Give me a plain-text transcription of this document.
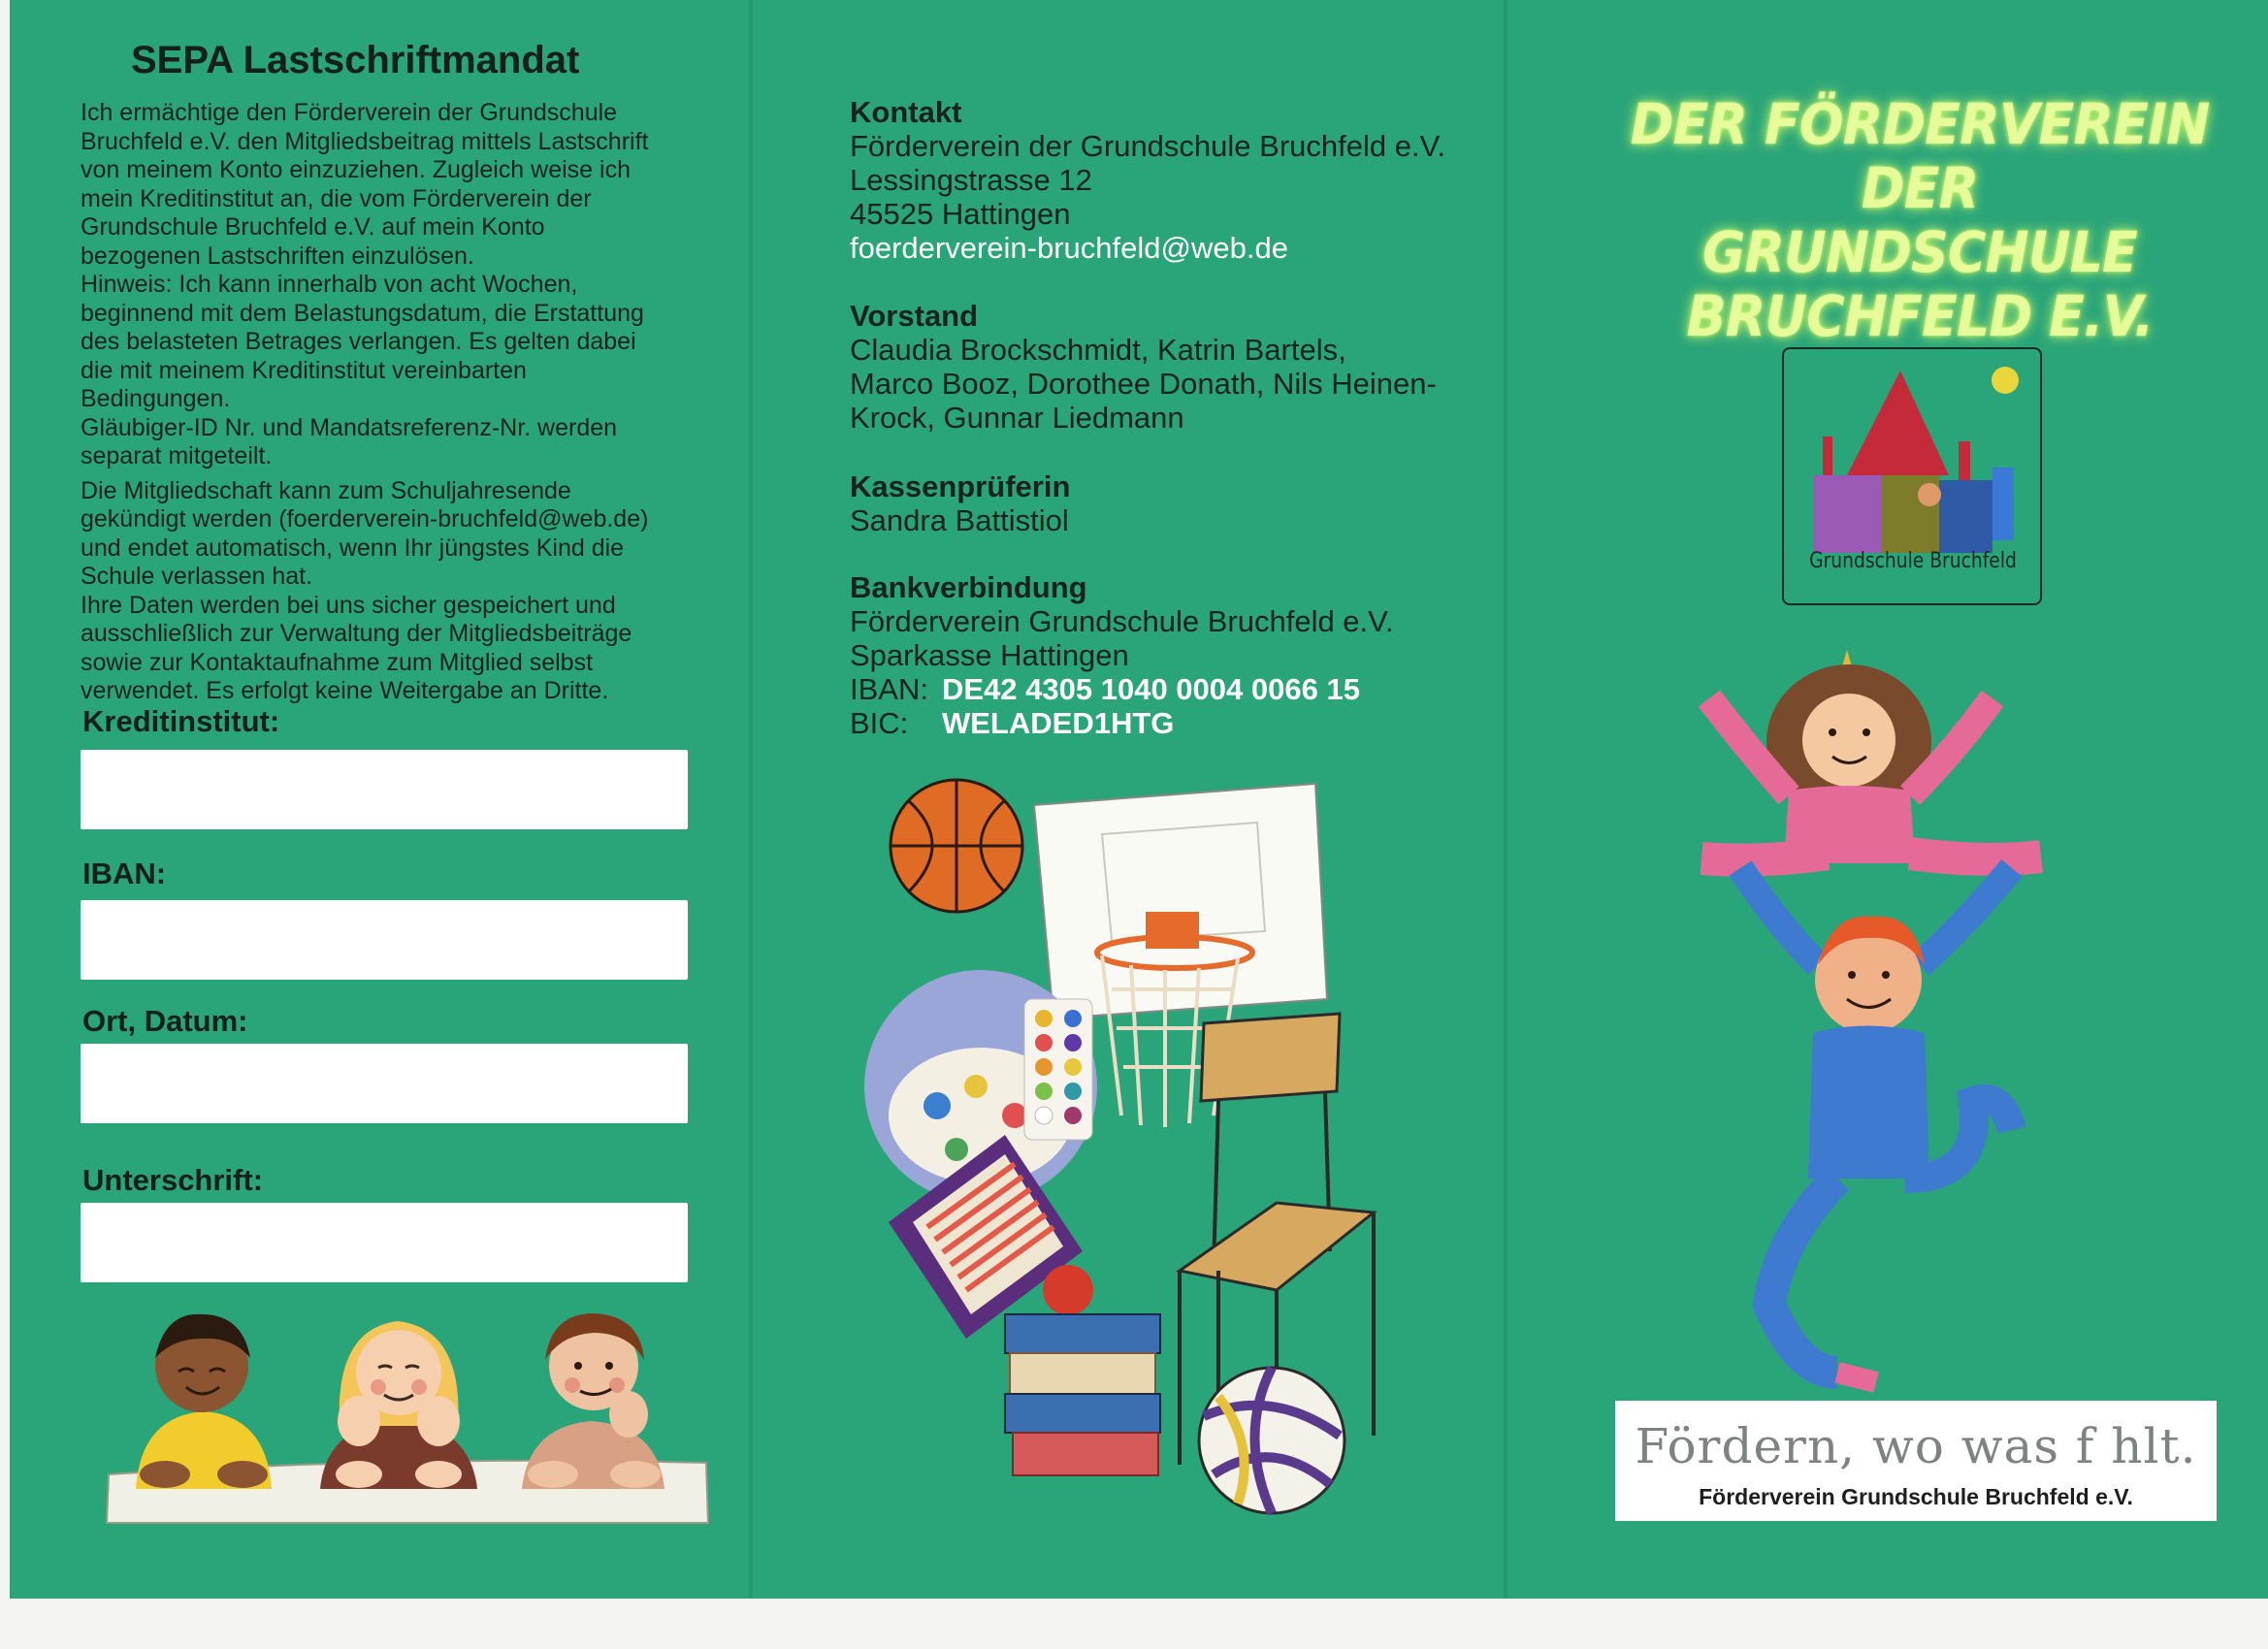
SEPA Lastschriftmandat

Ich ermächtige den Förderverein der Grundschule

Bruchfeld e.V. den Mitgliedsbeitrag mittels Lastschrift

von meinem Konto einzuziehen. Zugleich weise ich

mein Kreditinstitut an, die vom Förderverein der

Grundschule Bruchfeld e.V. auf mein Konto

bezogenen Lastschriften einzulösen.

Hinweis: Ich kann innerhalb von acht Wochen,

beginnend mit dem Belastungsdatum, die Erstattung

des belasteten Betrages verlangen. Es gelten dabei

die mit meinem Kreditinstitut vereinbarten

Bedingungen.

Gläubiger-ID Nr. und Mandatsreferenz-Nr. werden

separat mitgeteilt.

Die Mitgliedschaft kann zum Schuljahresende

gekündigt werden (foerderverein-bruchfeld@web.de)

und endet automatisch, wenn Ihr jüngstes Kind die

Schule verlassen hat.

Ihre Daten werden bei uns sicher gespeichert und

ausschließlich zur Verwaltung der Mitgliedsbeiträge

sowie zur Kontaktaufnahme zum Mitglied selbst

verwendet. Es erfolgt keine Weitergabe an Dritte.

Kreditinstitut:
IBAN:
Ort, Datum:
Unterschrift:
Kontakt
Förderverein der Grundschule Bruchfeld e.V.
Lessingstrasse 12
45525 Hattingen
foerderverein-bruchfeld@web.de
Vorstand
Claudia Brockschmidt, Katrin Bartels,
Marco Booz, Dorothee Donath, Nils Heinen-
Krock, Gunnar Liedmann
Kassenprüferin
Sandra Battistiol
Bankverbindung
Förderverein Grundschule Bruchfeld e.V.
Sparkasse Hattingen
IBAN: DE42 4305 1040 0004 0066 15
BIC:	WELADED1HTG
DER FÖRDERVEREIN DER
GRUNDSCHULE
BRUCHFELD E.V.
Grundschule Bruchfeld
Fördern, wo was f hlt.
Förderverein Grundschule Bruchfeld e.V.
